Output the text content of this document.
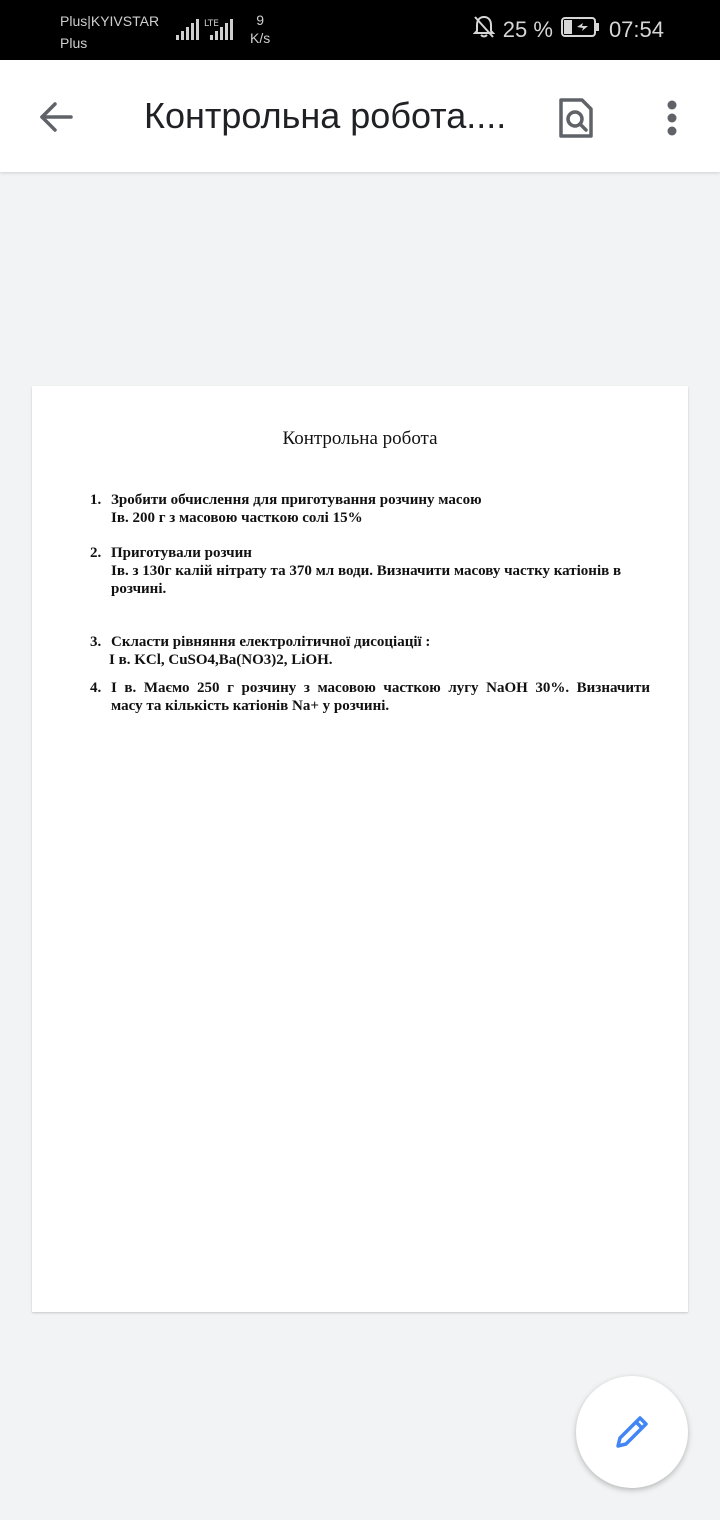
Plus|KYIVSTAR
Plus
LTE	9
K/s	25 %	07:54
Контрольна робота....
Контрольна робота
1. Зробити обчислення для приготування розчину масою
Ів. 200 г з масовою часткою солі 15%
2. Приготували розчин
Ів. з 130г калій нітрату та 370 мл води. Визначити масову частку катіонів в
розчині.
3. Скласти рівняння електролітичної дисоціації :
І в. KCl, CuSO4,Ba(NO3)2, LiOH.
4. І в. Маємо 250 г розчину з масовою часткою лугу NaOH 30%. Визначити
масу та кількість катіонів Na+ у розчині.
